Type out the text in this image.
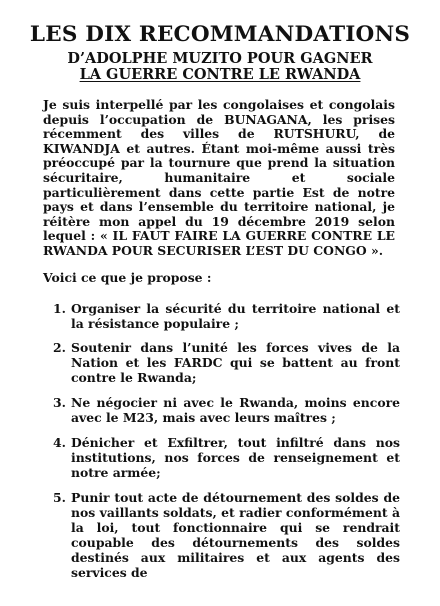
LES DIX RECOMMANDATIONS
D’ADOLPHE MUZITO POUR GAGNER
LA GUERRE CONTRE LE RWANDA
Je suis interpellé par les congolaises et congolais depuis l’occupation de BUNAGANA, les prises récemment des villes de RUTSHURU, de KIWANDJA et autres. Étant moi-même aussi très préoccupé par la tournure que prend la situation sécuritaire, humanitaire et sociale particulièrement dans cette partie Est de notre pays et dans l’ensemble du territoire national, je réitère mon appel du 19 décembre 2019 selon lequel : « IL FAUT FAIRE LA GUERRE CONTRE LE RWANDA POUR SECURISER L’EST DU CONGO ».
Voici ce que je propose :
1. Organiser la sécurité du territoire national et la résistance populaire ;
2. Soutenir dans l’unité les forces vives de la Nation et les FARDC qui se battent au front contre le Rwanda;
3. Ne négocier ni avec le Rwanda, moins encore avec le M23, mais avec leurs maîtres ;
4. Dénicher et Exfiltrer, tout infiltré dans nos institutions, nos forces de renseignement et notre armée;
5. Punir tout acte de détournement des soldes de nos vaillants soldats, et radier conformément à la loi, tout fonctionnaire qui se rendrait coupable des détournements des soldes destinés aux militaires et aux agents des services de
